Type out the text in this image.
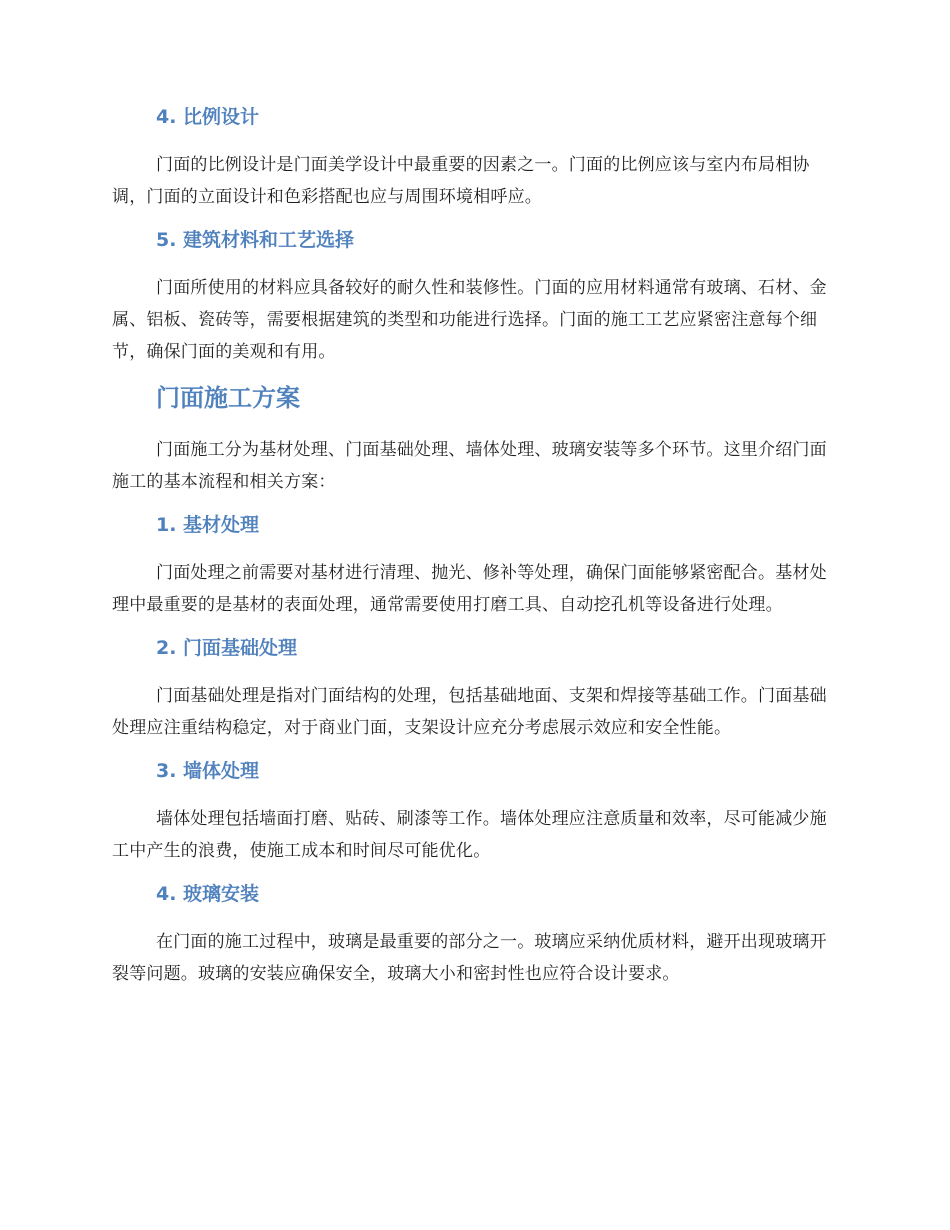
4. 比例设计

门面的比例设计是门面美学设计中最重要的因素之一。门面的比例应该与室内布局相协调，门面的立面设计和色彩搭配也应与周围环境相呼应。

5. 建筑材料和工艺选择

门面所使用的材料应具备较好的耐久性和装修性。门面的应用材料通常有玻璃、石材、金属、铝板、瓷砖等，需要根据建筑的类型和功能进行选择。门面的施工工艺应紧密注意每个细节，确保门面的美观和有用。

门面施工方案

门面施工分为基材处理、门面基础处理、墙体处理、玻璃安装等多个环节。这里介绍门面施工的基本流程和相关方案：

1. 基材处理

门面处理之前需要对基材进行清理、抛光、修补等处理，确保门面能够紧密配合。基材处理中最重要的是基材的表面处理，通常需要使用打磨工具、自动挖孔机等设备进行处理。

2. 门面基础处理

门面基础处理是指对门面结构的处理，包括基础地面、支架和焊接等基础工作。门面基础处理应注重结构稳定，对于商业门面，支架设计应充分考虑展示效应和安全性能。

3. 墙体处理

墙体处理包括墙面打磨、贴砖、刷漆等工作。墙体处理应注意质量和效率，尽可能减少施工中产生的浪费，使施工成本和时间尽可能优化。

4. 玻璃安装

在门面的施工过程中，玻璃是最重要的部分之一。玻璃应采纳优质材料，避开出现玻璃开裂等问题。玻璃的安装应确保安全，玻璃大小和密封性也应符合设计要求。
